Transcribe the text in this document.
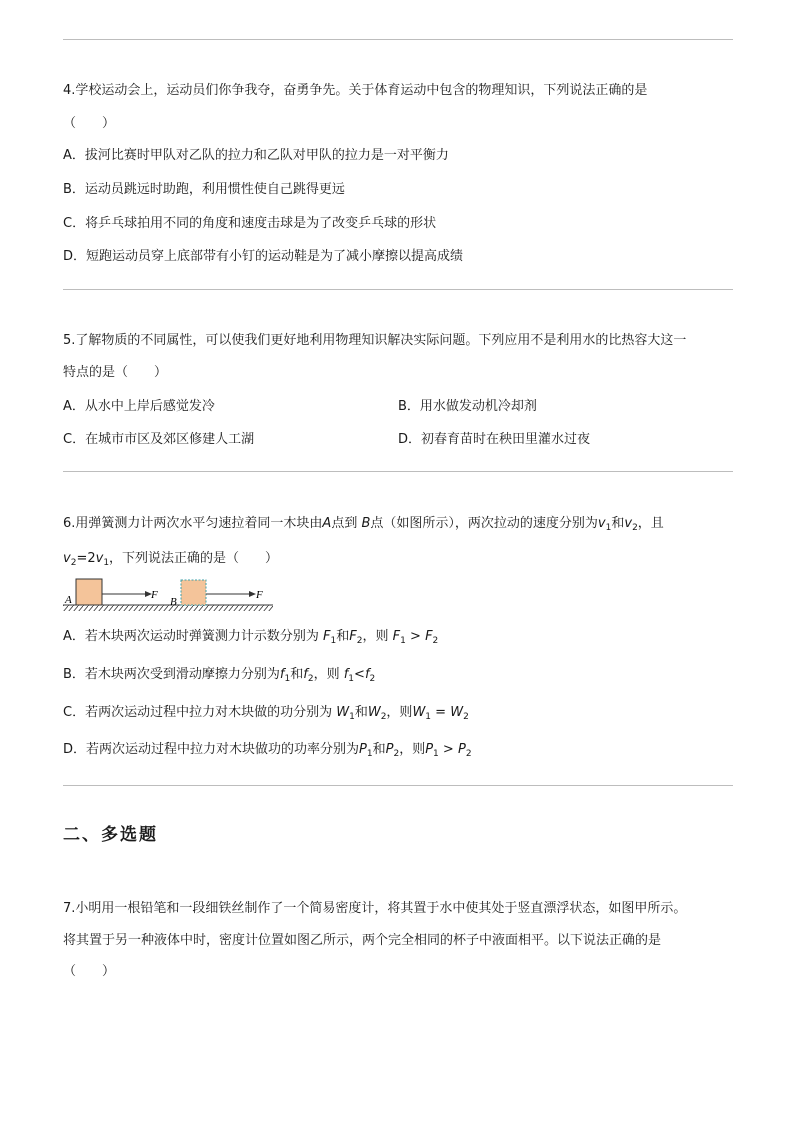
4.学校运动会上，运动员们你争我夺，奋勇争先。关于体育运动中包含的物理知识，下列说法正确的是
（　　）
A．拔河比赛时甲队对乙队的拉力和乙队对甲队的拉力是一对平衡力
B．运动员跳远时助跑，利用惯性使自己跳得更远
C．将乒乓球拍用不同的角度和速度击球是为了改变乒乓球的形状
D．短跑运动员穿上底部带有小钉的运动鞋是为了减小摩擦以提高成绩
5.了解物质的不同属性，可以使我们更好地利用物理知识解决实际问题。下列应用不是利用水的比热容大这一
特点的是（　　）
A．从水中上岸后感觉发冷	B．用水做发动机冷却剂
C．在城市市区及郊区修建人工湖	D．初春育苗时在秧田里灌水过夜
6.用弹簧测力计两次水平匀速拉着同一木块由A点到 B点（如图所示），两次拉动的速度分别为$v_1$和$v_2$，且
$v_2=2v_1$，下列说法正确的是（　　）
A	F
B
F
A．若木块两次运动时弹簧测力计示数分别为 $F_1$和$F_2$，则 $F_1 > F_2$
B．若木块两次受到滑动摩擦力分别为$f_1$和$f_2$，则 $f_1<f_2$
C．若两次运动过程中拉力对木块做的功分别为 $W_1$和$W_2$，则$W_1 = W_2$
D．若两次运动过程中拉力对木块做功的功率分别为$P_1$和$P_2$，则$P_1 > P_2$
二、多选题
7.小明用一根铅笔和一段细铁丝制作了一个简易密度计，将其置于水中使其处于竖直漂浮状态，如图甲所示。
将其置于另一种液体中时，密度计位置如图乙所示，两个完全相同的杯子中液面相平。以下说法正确的是
（　　）
